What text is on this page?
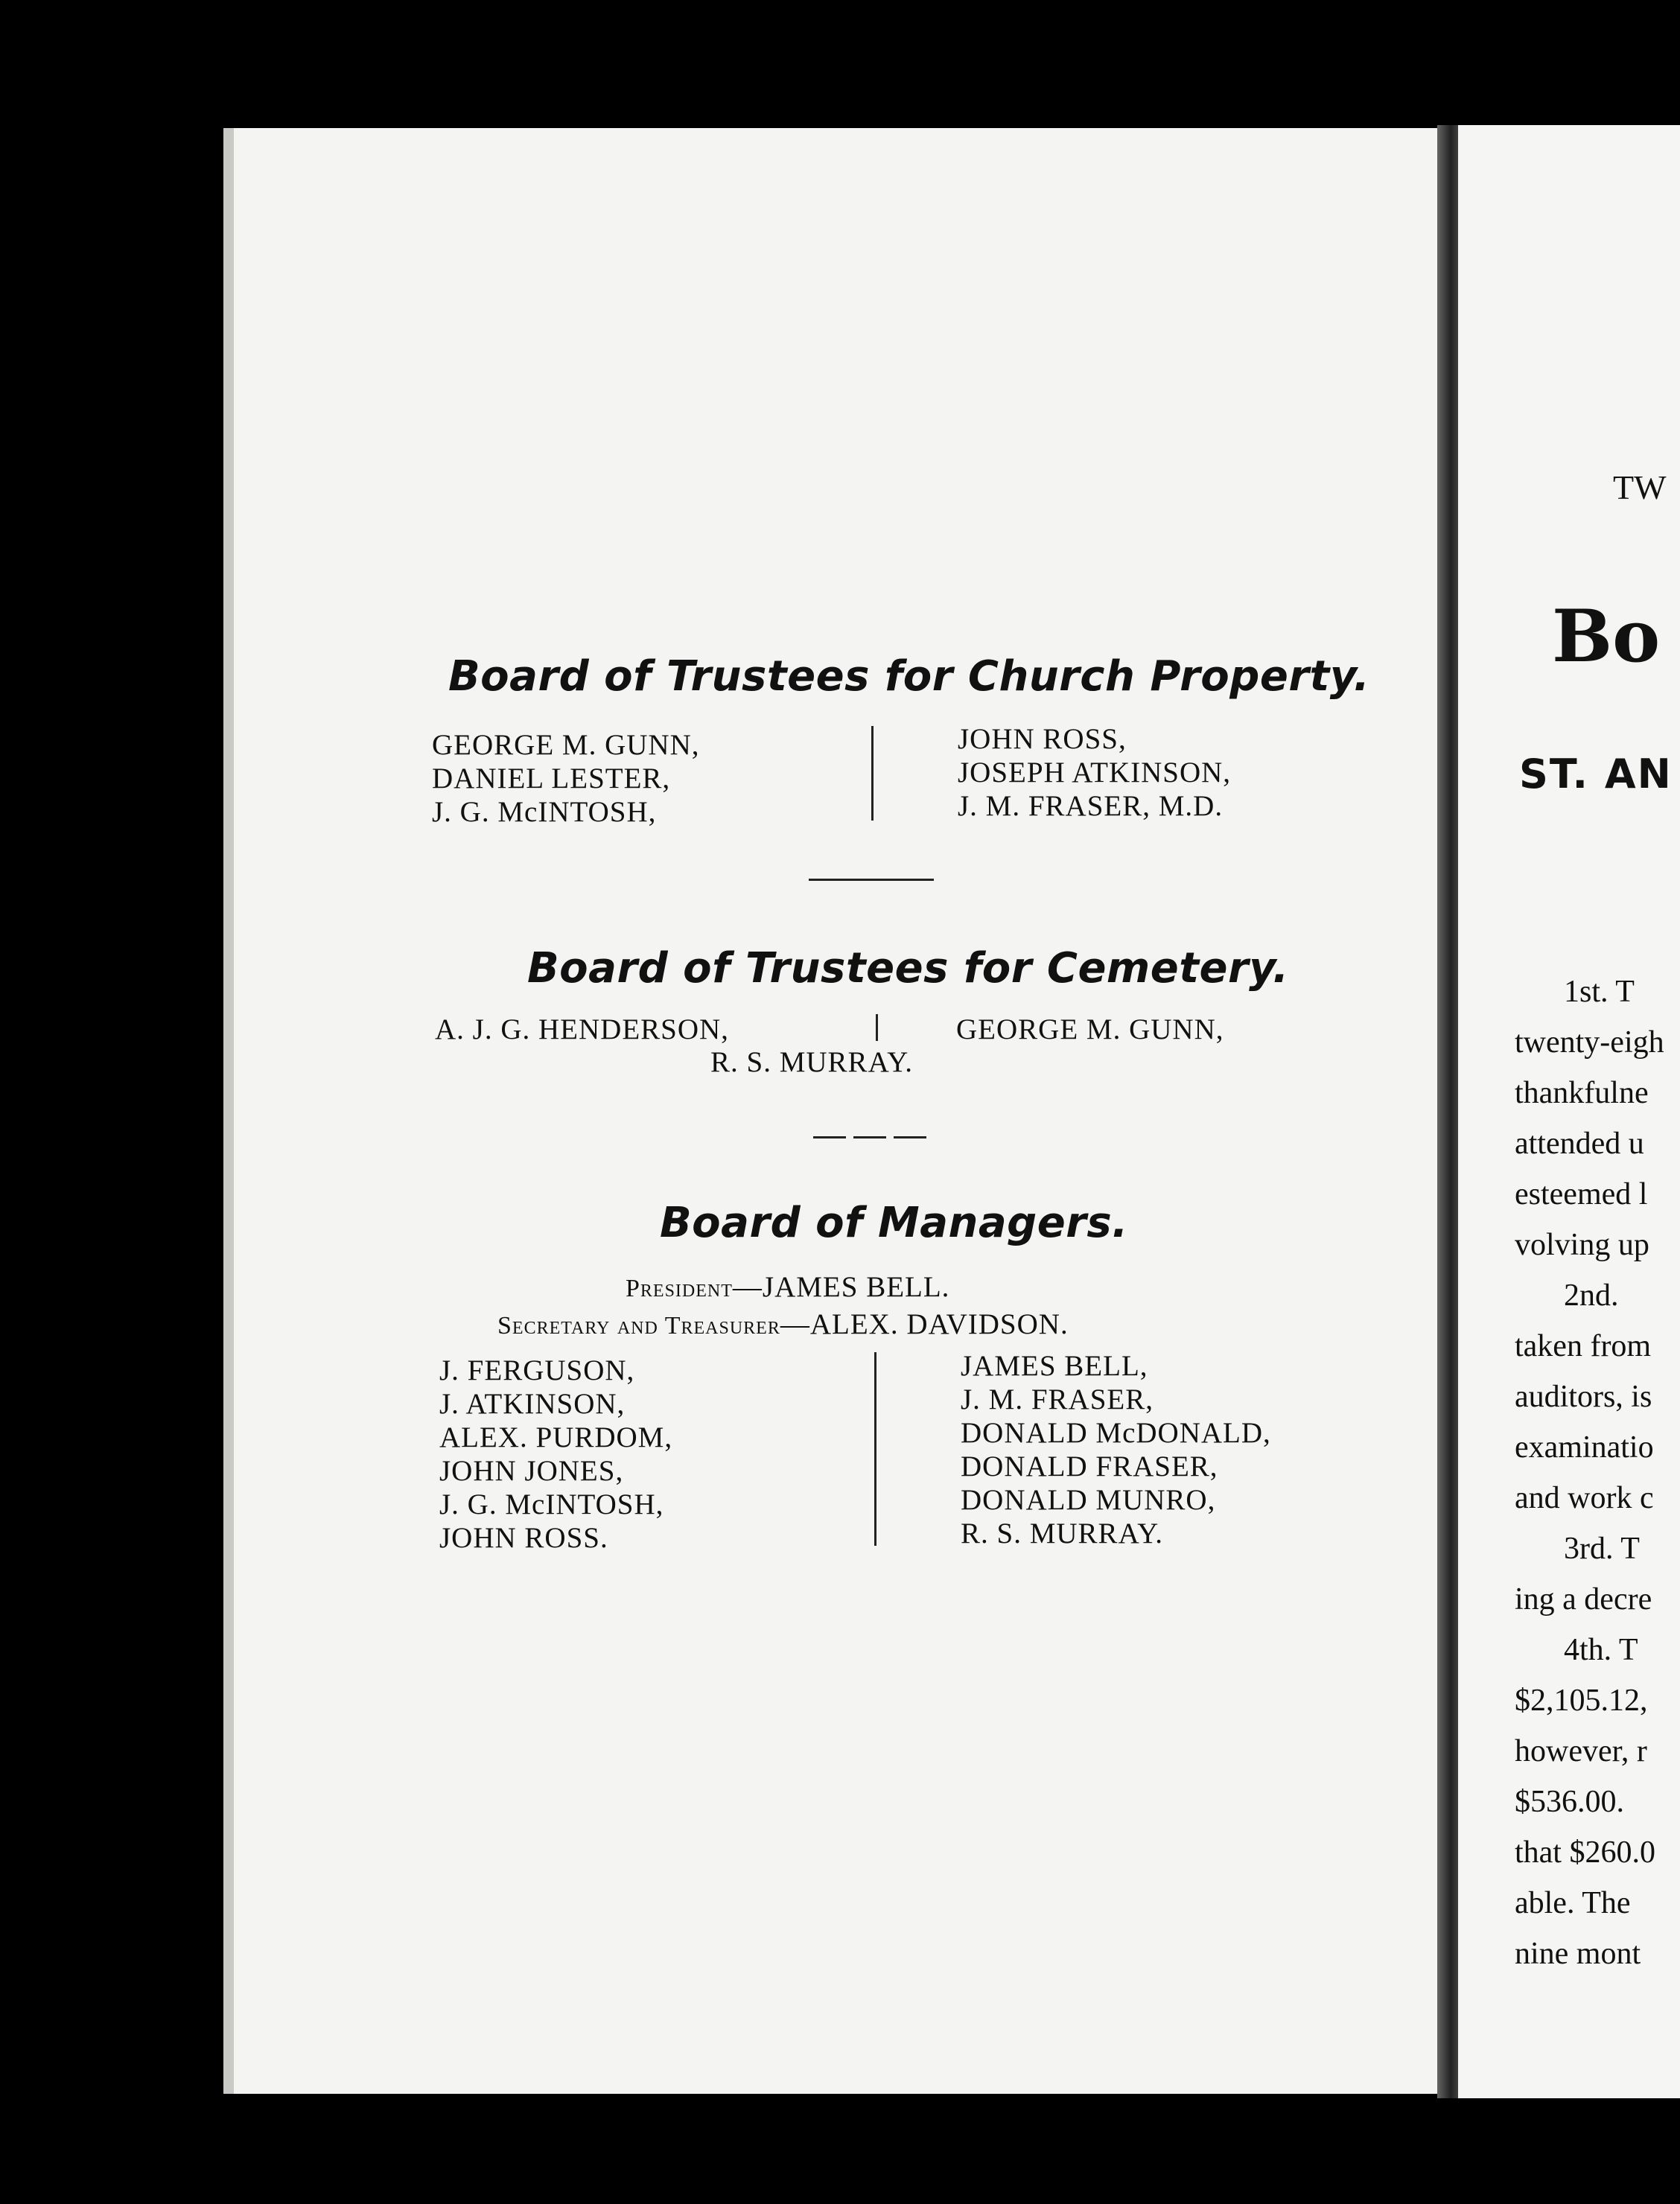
Board of Trustees for Church Property.
GEORGE M. GUNN,
DANIEL LESTER,
J. G. McINTOSH,
JOHN ROSS,
JOSEPH ATKINSON,
J. M. FRASER, M.D.
Board of Trustees for Cemetery.
A. J. G. HENDERSON,	GEORGE M. GUNN,
R. S. MURRAY.
Board of Managers.
President—JAMES BELL.
Secretary and Treasurer—ALEX. DAVIDSON.
J. FERGUSON,
J. ATKINSON,
ALEX. PURDOM,
JOHN JONES,
J. G. McINTOSH,
JOHN ROSS.
JAMES BELL,
J. M. FRASER,
DONALD McDONALD,
DONALD FRASER,
DONALD MUNRO,
R. S. MURRAY.
TW
Bo
ST. AN
1st. T
twenty-eigh
thankfulne
attended u
esteemed l
volving up
2nd.
taken from
auditors, is
examinatio
and work c
3rd. T
ing a decre
4th. T
$2,105.12,
however, r
$536.00.
that $260.0
able. The
nine mont
